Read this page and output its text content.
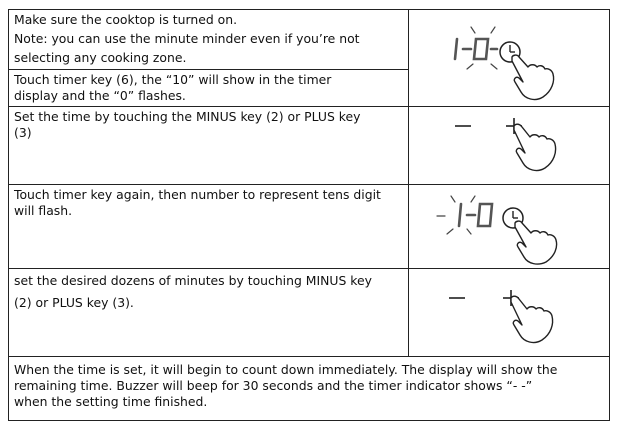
Make sure the cooktop is turned on.
Note: you can use the minute minder even if you’re not
selecting any cooking zone.

Touch timer key (6), the “10” will show in the timer
display and the “0” flashes.	

Set the time by touching the MINUS key (2) or PLUS key
(3)

Touch timer key again, then number to represent tens digit
will flash.

set the desired dozens of minutes by touching MINUS key
(2) or PLUS key (3).

When the time is set, it will begin to count down immediately. The display will show the
remaining time. Buzzer will beep for 30 seconds and the timer indicator shows “- -”
when the setting time finished.	
